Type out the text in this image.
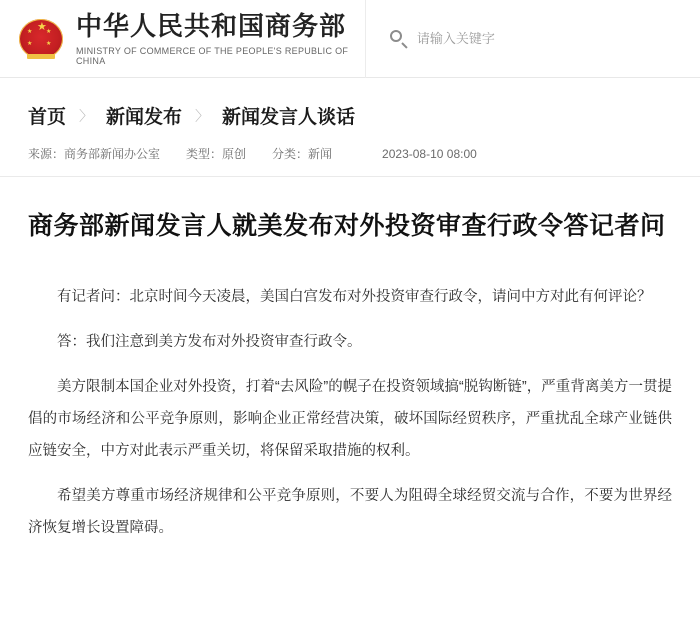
★
★ ★
★ ★
中华人民共和国商务部
MINISTRY OF COMMERCE OF THE PEOPLE'S REPUBLIC OF CHINA
请输入关键字
首页 〉 新闻发布 〉 新闻发言人谈话
来源：商务部新闻办公室 类型：原创 分类：新闻	2023-08-10 08:00
商务部新闻发言人就美发布对外投资审查行政令答记者问

有记者问：北京时间今天凌晨，美国白宫发布对外投资审查行政令，请问中方对此有何评论？

答：我们注意到美方发布对外投资审查行政令。

美方限制本国企业对外投资，打着“去风险”的幌子在投资领域搞“脱钩断链”，严重背离美方一贯提倡的市场经济和公平竞争原则，影响企业正常经营决策，破坏国际经贸秩序，严重扰乱全球产业链供应链安全，中方对此表示严重关切，将保留采取措施的权利。

希望美方尊重市场经济规律和公平竞争原则，不要人为阻碍全球经贸交流与合作，不要为世界经济恢复增长设置障碍。
